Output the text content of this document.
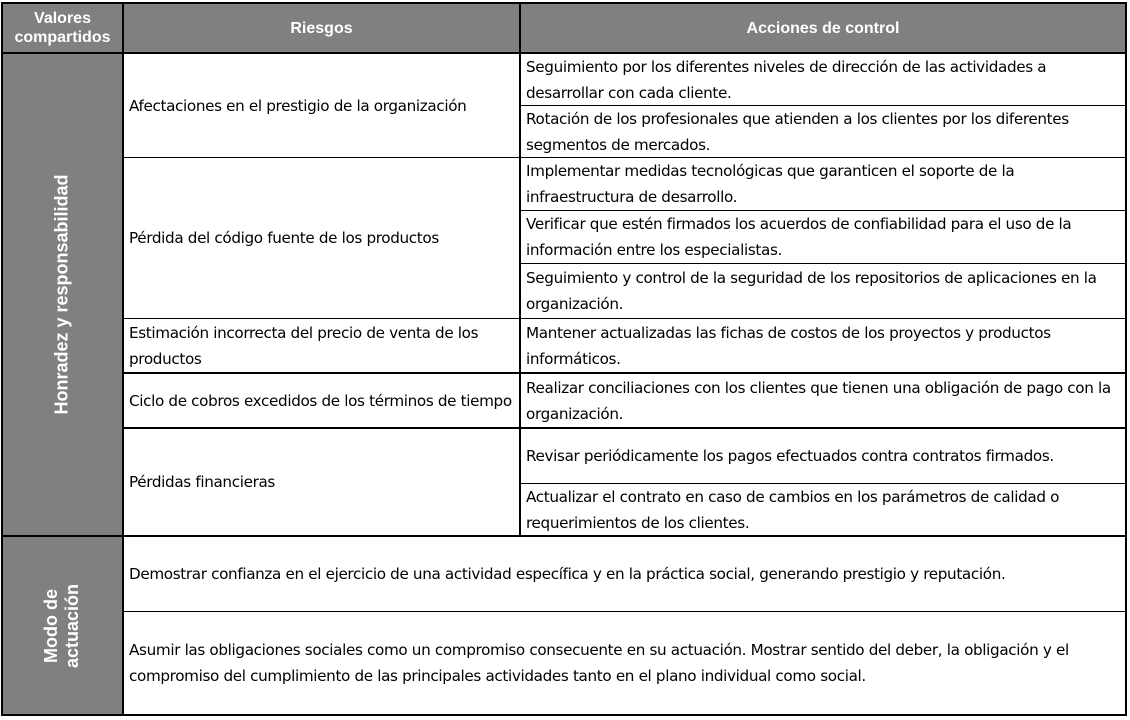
Valores compartidos
Riesgos	Acciones de control
Honradez y responsabilidad
Afectaciones en el prestigio de la organización
Seguimiento por los diferentes niveles de dirección de las actividades a desarrollar con cada cliente.
Rotación de los profesionales que atienden a los clientes por los diferentes segmentos de mercados.
Pérdida del código fuente de los productos
Implementar medidas tecnológicas que garanticen el soporte de la infraestructura de desarrollo.
Verificar que estén firmados los acuerdos de confiabilidad para el uso de la información entre los especialistas.
Seguimiento y control de la seguridad de los repositorios de aplicaciones en la organización.
Estimación incorrecta del precio de venta de los productos
Mantener actualizadas las fichas de costos de los proyectos y productos informáticos.
Ciclo de cobros excedidos de los términos de tiempo
Realizar conciliaciones con los clientes que tienen una obligación de pago con la organización.
Pérdidas financieras
Revisar periódicamente los pagos efectuados contra contratos firmados.
Actualizar el contrato en caso de cambios en los parámetros de calidad o requerimientos de los clientes.
Modo de actuación
Demostrar confianza en el ejercicio de una actividad específica y en la práctica social, generando prestigio y reputación.
Asumir las obligaciones sociales como un compromiso consecuente en su actuación. Mostrar sentido del deber, la obligación y el compromiso del cumplimiento de las principales actividades tanto en el plano individual como social.
